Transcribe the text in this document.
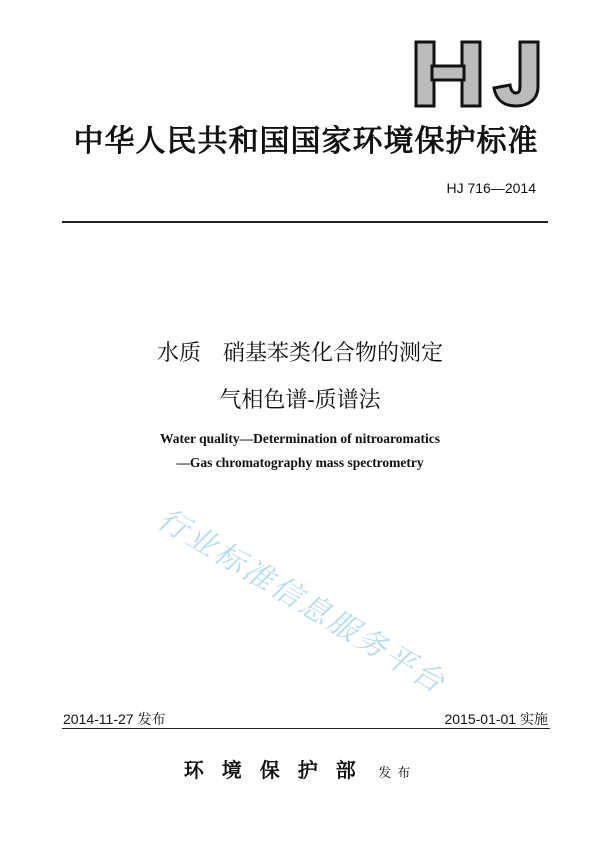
中华人民共和国国家环境保护标准
HJ 716—2014
水质　硝基苯类化合物的测定
气相色谱-质谱法
Water quality—Determination of nitroaromatics
—Gas chromatography mass spectrometry
行业标准信息服务平台
2014-11-27 发布	2015-01-01 实施
环境保护部 发布
